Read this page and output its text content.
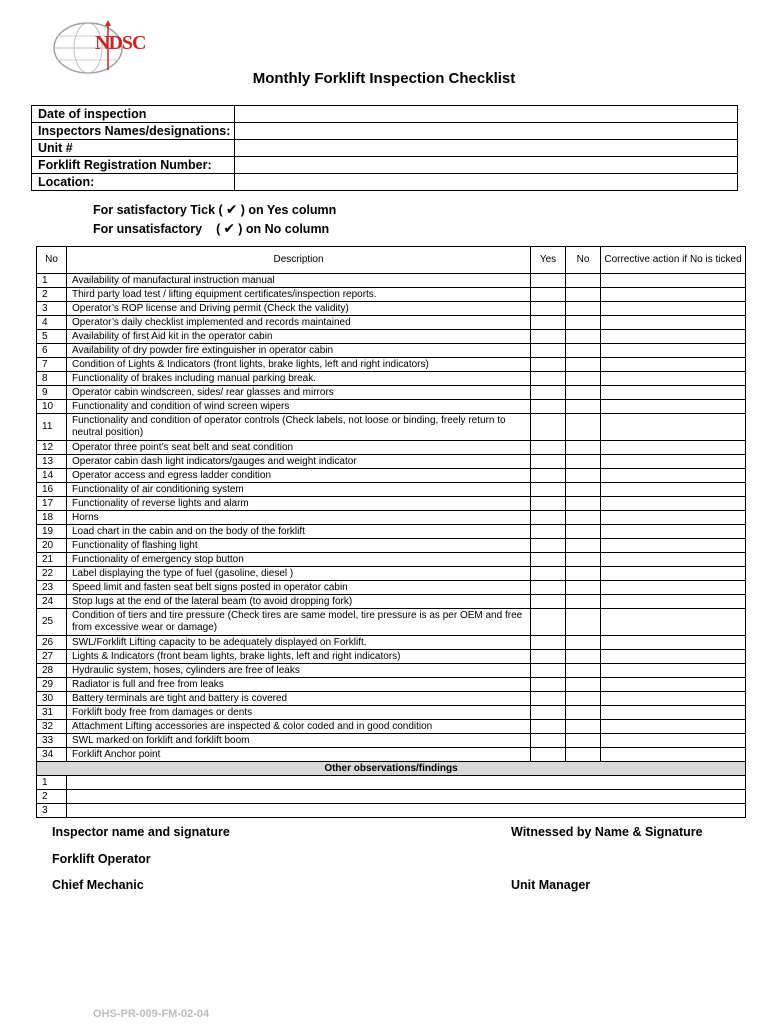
NDSC
Monthly Forklift Inspection Checklist
Date of inspection	
Inspectors Names/designations:	
Unit #	
Forklift Registration Number:	
Location:	
For satisfactory Tick ( ✔ ) on Yes column
For unsatisfactory ( ✔ ) on No column
No	Description	Yes	No	Corrective action if No is ticked
1	Availability of manufactural instruction manual			
2	Third party load test / lifting equipment certificates/inspection reports.			
3	Operator’s ROP license and Driving permit (Check the validity)			
4	Operator’s daily checklist implemented and records maintained			
5	Availability of first Aid kit in the operator cabin			
6	Availability of dry powder fire extinguisher in operator cabin			
7	Condition of Lights & Indicators (front lights, brake lights, left and right indicators)			
8	Functionality of brakes including manual parking break.			
9	Operator cabin windscreen, sides/ rear glasses and mirrors			
10	Functionality and condition of wind screen wipers			
11	Functionality and condition of operator controls (Check labels, not loose or binding, freely return to neutral position)			
12	Operator three point’s seat belt and seat condition			
13	Operator cabin dash light indicators/gauges and weight indicator			
14	Operator access and egress ladder condition			
16	Functionality of air conditioning system			
17	Functionality of reverse lights and alarm			
18	Horns			
19	Load chart in the cabin and on the body of the forklift			
20	Functionality of flashing light			
21	Functionality of emergency stop button			
22	Label displaying the type of fuel (gasoline, diesel )			
23	Speed limit and fasten seat belt signs posted in operator cabin			
24	Stop lugs at the end of the lateral beam (to avoid dropping fork)			
25	Condition of tiers and tire pressure (Check tires are same model, tire pressure is as per OEM and free from excessive wear or damage)			
26	SWL/Forklift Lifting capacity to be adequately displayed on Forklift.			
27	Lights & Indicators (front beam lights, brake lights, left and right indicators)			
28	Hydraulic system, hoses, cylinders are free of leaks			
29	Radiator is full and free from leaks			
30	Battery terminals are tight and battery is covered			
31	Forklift body free from damages or dents			
32	Attachment Lifting accessories are inspected & color coded and in good condition			
33	SWL marked on forklift and forklift boom			
34	Forklift Anchor point			
Other observations/findings				
1				
2				
3				
Inspector name and signature	Witnessed by Name & Signature
Forklift Operator
Chief Mechanic	Unit Manager
OHS-PR-009-FM-02-04
